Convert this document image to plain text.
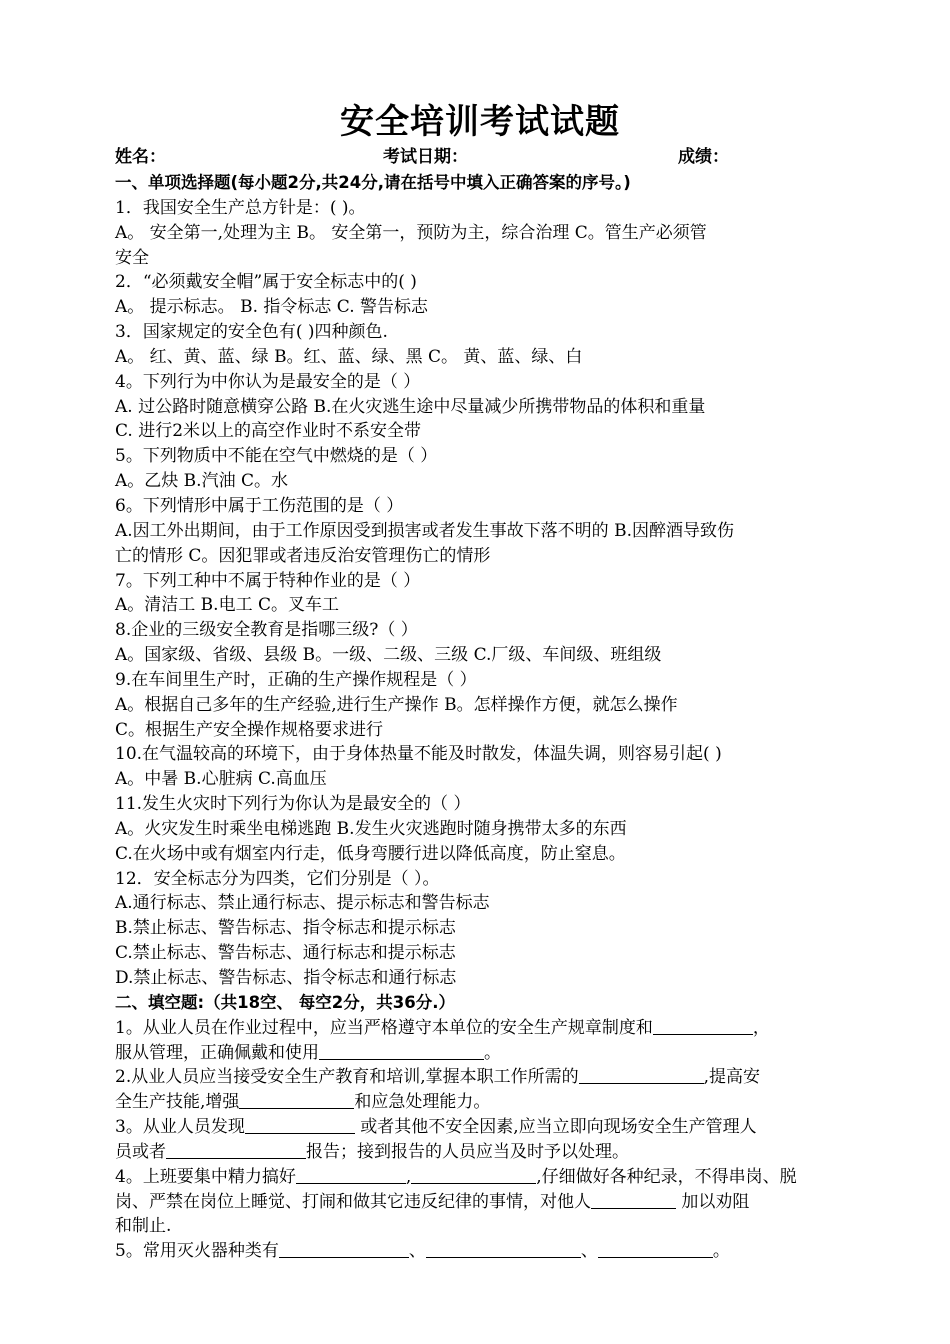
安全培训考试试题
姓名：	考试日期：	成绩：
一、单项选择题(每小题2分,共24分,请在括号中填入正确答案的序号。)
1．我国安全生产总方针是：( )。
A。 安全第一,处理为主 B。 安全第一，预防为主，综合治理 C。管生产必须管
安全
2．“必须戴安全帽”属于安全标志中的( )
A。 提示标志。 B. 指令标志 C. 警告标志
3．国家规定的安全色有( )四种颜色.
A。 红、黄、蓝、绿 B。红、蓝、绿、黑 C。 黄、蓝、绿、白
4。下列行为中你认为是最安全的是（ ）
A. 过公路时随意横穿公路 B.在火灾逃生途中尽量减少所携带物品的体积和重量
C. 进行2米以上的高空作业时不系安全带
5。下列物质中不能在空气中燃烧的是（ ）
A。乙炔 B.汽油 C。水
6。下列情形中属于工伤范围的是（ ）
A.因工外出期间，由于工作原因受到损害或者发生事故下落不明的 B.因醉酒导致伤
亡的情形 C。因犯罪或者违反治安管理伤亡的情形
7。下列工种中不属于特种作业的是（ ）
A。清洁工 B.电工 C。叉车工
8.企业的三级安全教育是指哪三级?（ ）
A。国家级、省级、县级 B。一级、二级、三级 C.厂级、车间级、班组级
9.在车间里生产时，正确的生产操作规程是（ ）
A。根据自己多年的生产经验,进行生产操作 B。怎样操作方便，就怎么操作
C。根据生产安全操作规格要求进行
10.在气温较高的环境下，由于身体热量不能及时散发，体温失调，则容易引起( )
A。中暑 B.心脏病 C.高血压
11.发生火灾时下列行为你认为是最安全的（ ）
A。火灾发生时乘坐电梯逃跑 B.发生火灾逃跑时随身携带太多的东西
C.在火场中或有烟室内行走，低身弯腰行进以降低高度，防止窒息。
12．安全标志分为四类，它们分别是（ ）。
A.通行标志、禁止通行标志、提示标志和警告标志
B.禁止标志、警告标志、指令标志和提示标志
C.禁止标志、警告标志、通行标志和提示标志
D.禁止标志、警告标志、指令标志和通行标志
二、填空题:（共18空、 每空2分，共36分.）
1。从业人员在作业过程中，应当严格遵守本单位的安全生产规章制度和	，
服从管理，正确佩戴和使用	。
2.从业人员应当接受安全生产教育和培训,掌握本职工作所需的	,提高安
全生产技能,增强	和应急处理能力。
3。从业人员发现	或者其他不安全因素,应当立即向现场安全生产管理人
员或者	报告；接到报告的人员应当及时予以处理。
4。上班要集中精力搞好	,	,仔细做好各种纪录，不得串岗、脱
岗、严禁在岗位上睡觉、打闹和做其它违反纪律的事情，对他人	加以劝阻
和制止.
5。常用灭火器种类有	、	、	。
